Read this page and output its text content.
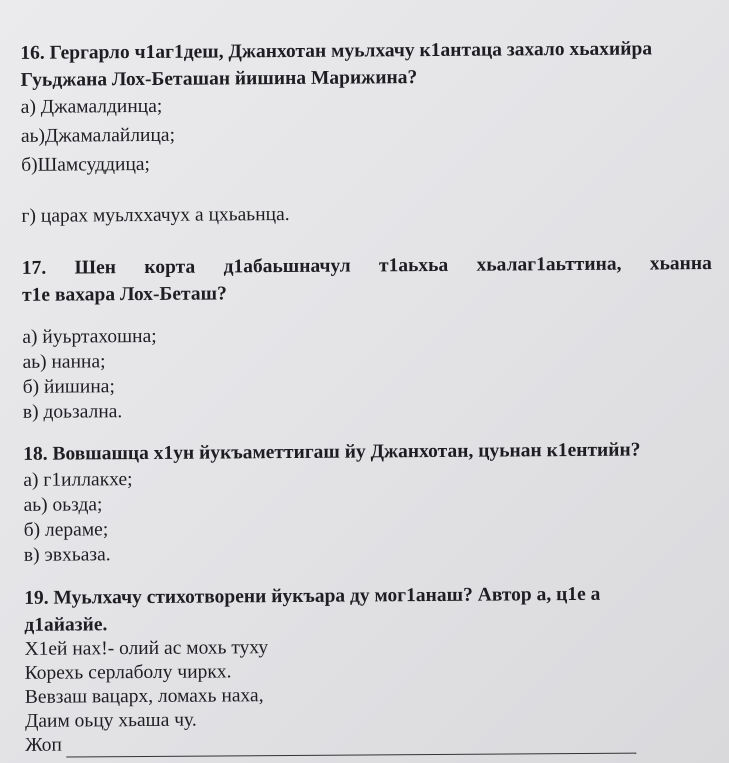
16. Гергарло ч1аг1деш, Джанхотан муьлхачу к1антаца захало хьахийра
Гуьджана Лох-Беташан йишина Марижина?

а) Джамалдинца;

аь)Джамалайлица;

б)Шамсуддица;

г) царах муьлххачух а цхьаьнца.

17. Шен корта д1абаьшначул т1аьхьа хьалаг1аьттина, хьанна
т1е вахара Лох-Беташ?

а) йуьртахошна;

аь) нанна;

б) йишина;

в) доьзална.

18. Вовшашца х1ун йукъаметтигаш йу Джанхотан, цуьнан к1ентийн?

а) г1иллакхе;

аь) оьзда;

б) лераме;

в) эвхьаза.

19. Муьлхачу стихотворени йукъара ду мог1анаш? Автор а, ц1е а
д1айазйе.

Х1ей нах!- олий ас мохь туху

Корехь серлаболу чиркх.

Вевзаш вацарх, ломахь наха,

Даим оьцу хьаша чу.

Жоп
